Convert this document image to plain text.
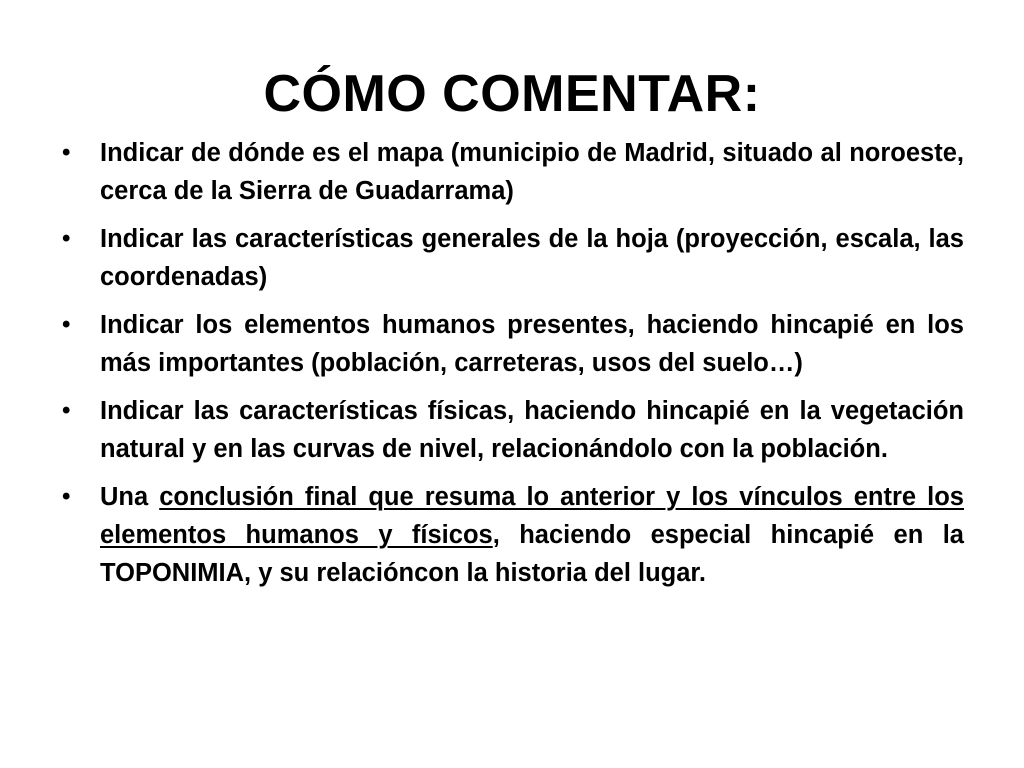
CÓMO COMENTAR:
• Indicar de dónde es el mapa (municipio de Madrid, situado al noroeste, cerca de la Sierra de Guadarrama)
• Indicar las características generales de la hoja (proyección, escala, las coordenadas)
• Indicar los elementos humanos presentes, haciendo hincapié en los más importantes (población, carreteras, usos del suelo…)
• Indicar las características físicas, haciendo hincapié en la vegetación natural y en las curvas de nivel, relacionándolo con la población.
• Una conclusión final que resuma lo anterior y los vínculos entre los elementos humanos y físicos, haciendo especial hincapié en la TOPONIMIA, y su relacióncon la historia del lugar.
